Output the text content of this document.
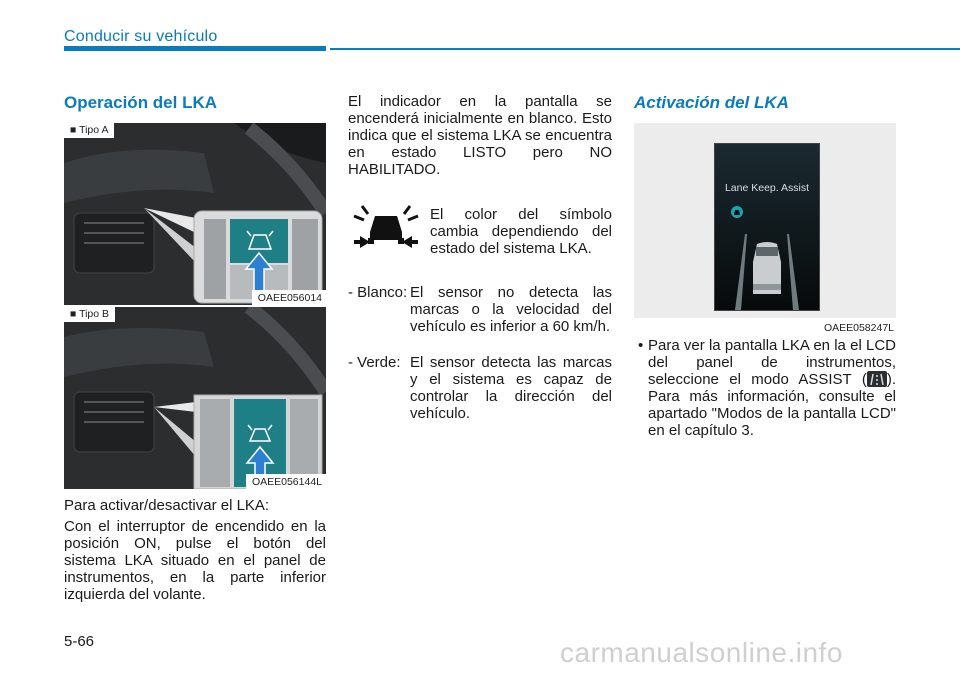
Conducir su vehículo
Operación del LKA
■ Tipo A
OAEE056014
■ Tipo B
OAEE056144L
Para activar/desactivar el LKA:
Con el interruptor de encendido en la posición ON, pulse el botón del sistema LKA situado en el panel de instrumentos, en la parte inferior izquierda del volante.
El indicador en la pantalla se encenderá inicialmente en blanco. Esto indica que el sistema LKA se encuentra en estado LISTO pero NO HABILITADO.
El color del símbolo cambia dependiendo del estado del sistema LKA.
- Blanco: El sensor no detecta las marcas o la velocidad del vehículo es inferior a 60 km/h.
- Verde: El sensor detecta las marcas y el sistema es capaz de controlar la dirección del vehículo.
Activación del LKA
Lane Keep. Assist
OAEE058247L
• Para ver la pantalla LKA en la el LCD del panel de instrumentos, seleccione el modo ASSIST ( ). Para más información, consulte el apartado "Modos de la pantalla LCD" en el capítulo 3.
5-66	carmanualsonline.info
